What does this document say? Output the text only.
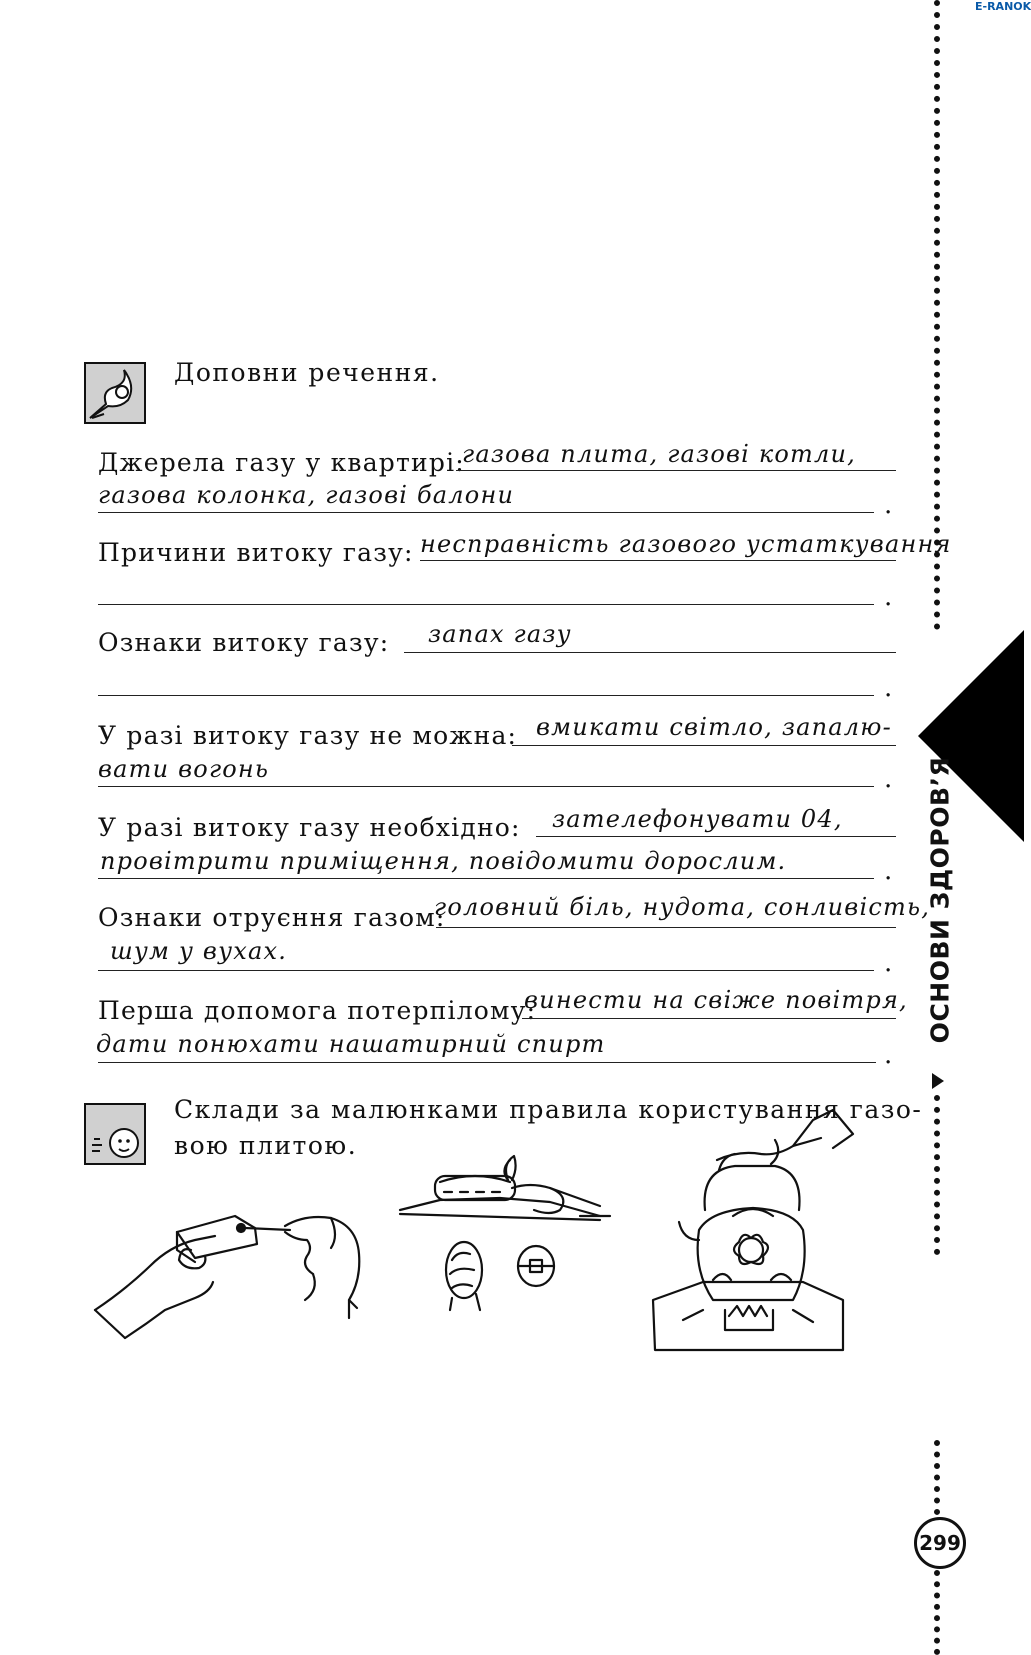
E-RANOK
ОСНОВИ ЗДОРОВ’Я
299
Доповни речення.
Джерела газу у квартирі:
газова плита, газові котли,
газова колонка, газові балони	.
Причини витоку газу: несправність газового устаткування
.
Ознаки витоку газу: запах газу
.
У разі витоку газу не можна: вмикати світло, запалю-
вати вогонь	.
У разі витоку газу необхідно: зателефонувати 04,
провітрити приміщення, повідомити дорослим.	.
Ознаки отруєння газом:
головний біль, нудота, сонливість,
шум у вухах.	.
Перша допомога потерпілому:
винести на свіже повітря,
дати понюхати нашатирний спирт	.
Склади за малюнками правила користування газо-
вою плитою.
